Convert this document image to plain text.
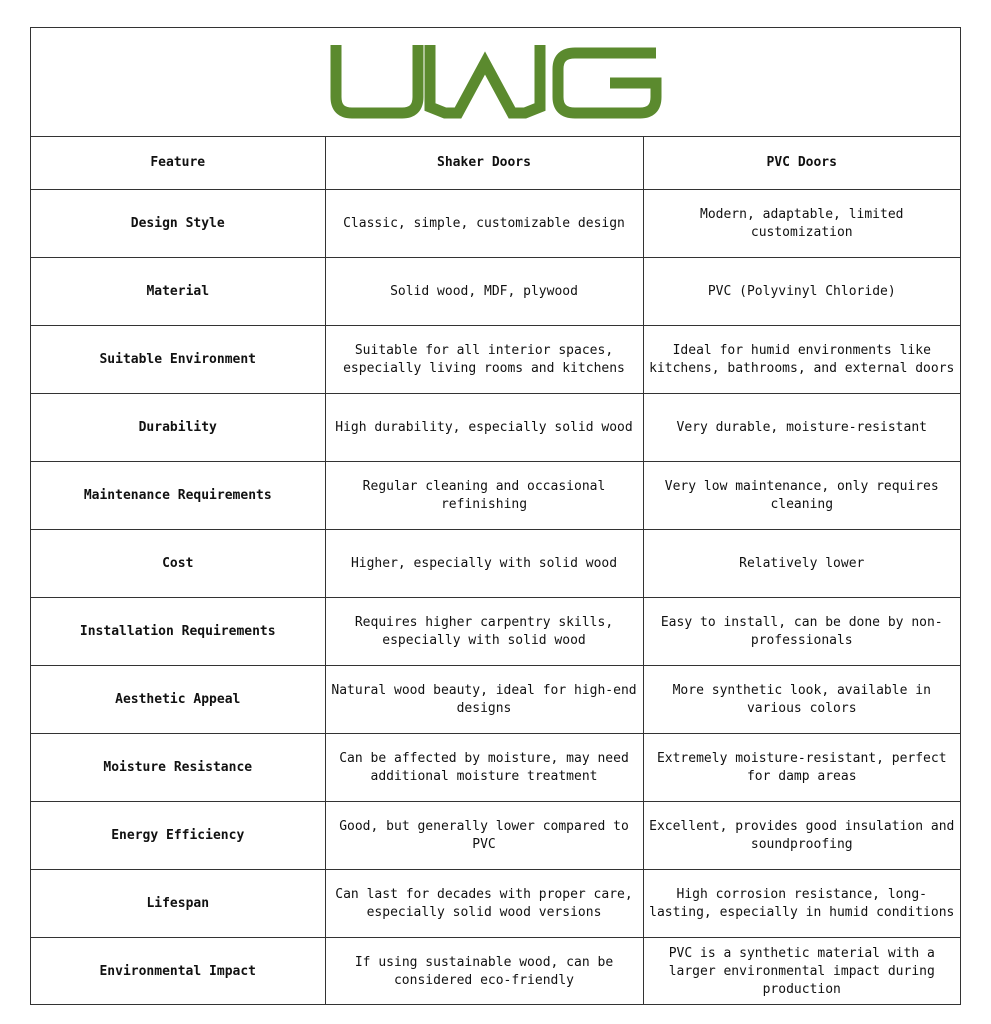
Feature	Shaker Doors	PVC Doors
Design Style	Classic, simple, customizable design	Modern, adaptable, limited customization
Material	Solid wood, MDF, plywood	PVC (Polyvinyl Chloride)
Suitable Environment	Suitable for all interior spaces, especially living rooms and kitchens	Ideal for humid environments like kitchens, bathrooms, and external doors
Durability	High durability, especially solid wood	Very durable, moisture-resistant
Maintenance Requirements	Regular cleaning and occasional refinishing	Very low maintenance, only requires cleaning
Cost	Higher, especially with solid wood	Relatively lower
Installation Requirements	Requires higher carpentry skills, especially with solid wood	Easy to install, can be done by non-professionals
Aesthetic Appeal	Natural wood beauty, ideal for high-end designs	More synthetic look, available in various colors
Moisture Resistance	Can be affected by moisture, may need additional moisture treatment	Extremely moisture-resistant, perfect for damp areas
Energy Efficiency	Good, but generally lower compared to PVC	Excellent, provides good insulation and soundproofing
Lifespan	Can last for decades with proper care, especially solid wood versions	High corrosion resistance, long-lasting, especially in humid conditions
Environmental Impact	If using sustainable wood, can be considered eco-friendly	PVC is a synthetic material with a larger environmental impact during production
